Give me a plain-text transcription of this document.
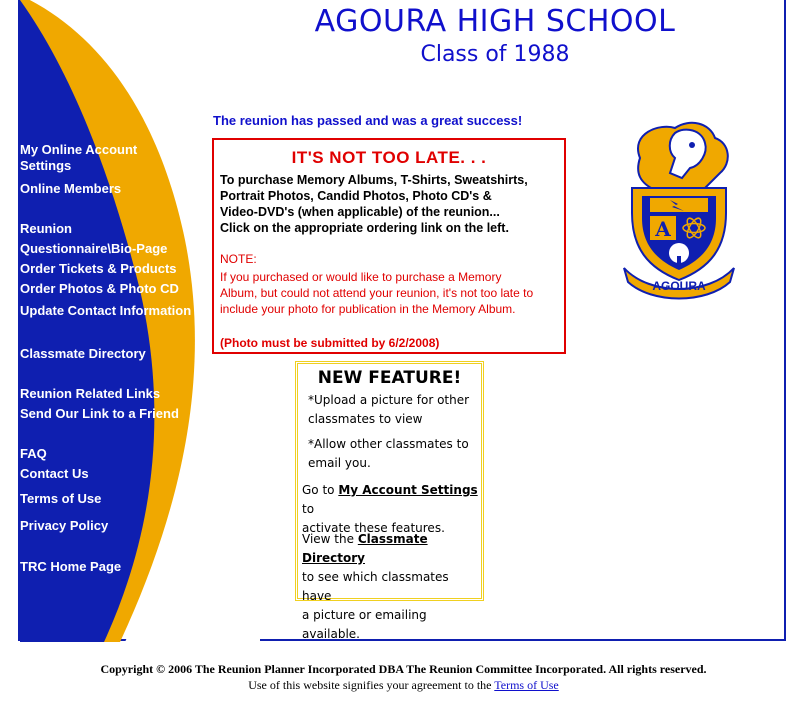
My Online Account
Settings
Online Members
Reunion
Questionnaire\Bio-Page
Order Tickets & Products
Order Photos & Photo CD
Update Contact Information
Classmate Directory
Reunion Related Links
Send Our Link to a Friend
FAQ
Contact Us
Terms of Use
Privacy Policy
TRC Home Page
AGOURA HIGH SCHOOL
Class of 1988
The reunion has passed and was a great success!
IT'S NOT TOO LATE. . .
To purchase Memory Albums, T-Shirts, Sweatshirts,
Portrait Photos, Candid Photos, Photo CD's &
Video-DVD's (when applicable) of the reunion...
Click on the appropriate ordering link on the left.
NOTE:
If you purchased or would like to purchase a Memory
Album, but could not attend your reunion, it's not too late to
include your photo for publication in the Memory Album.
(Photo must be submitted by 6/2/2008)
NEW FEATURE!
*Upload a picture for other
classmates to view
*Allow other classmates to
email you.
Go to My Account Settings to
activate these features.
View the Classmate Directory
to see which classmates have
a picture or emailing
available.
A
AGOURA
Copyright © 2006 The Reunion Planner Incorporated DBA The Reunion Committee Incorporated. All rights reserved.
Use of this website signifies your agreement to the Terms of Use
